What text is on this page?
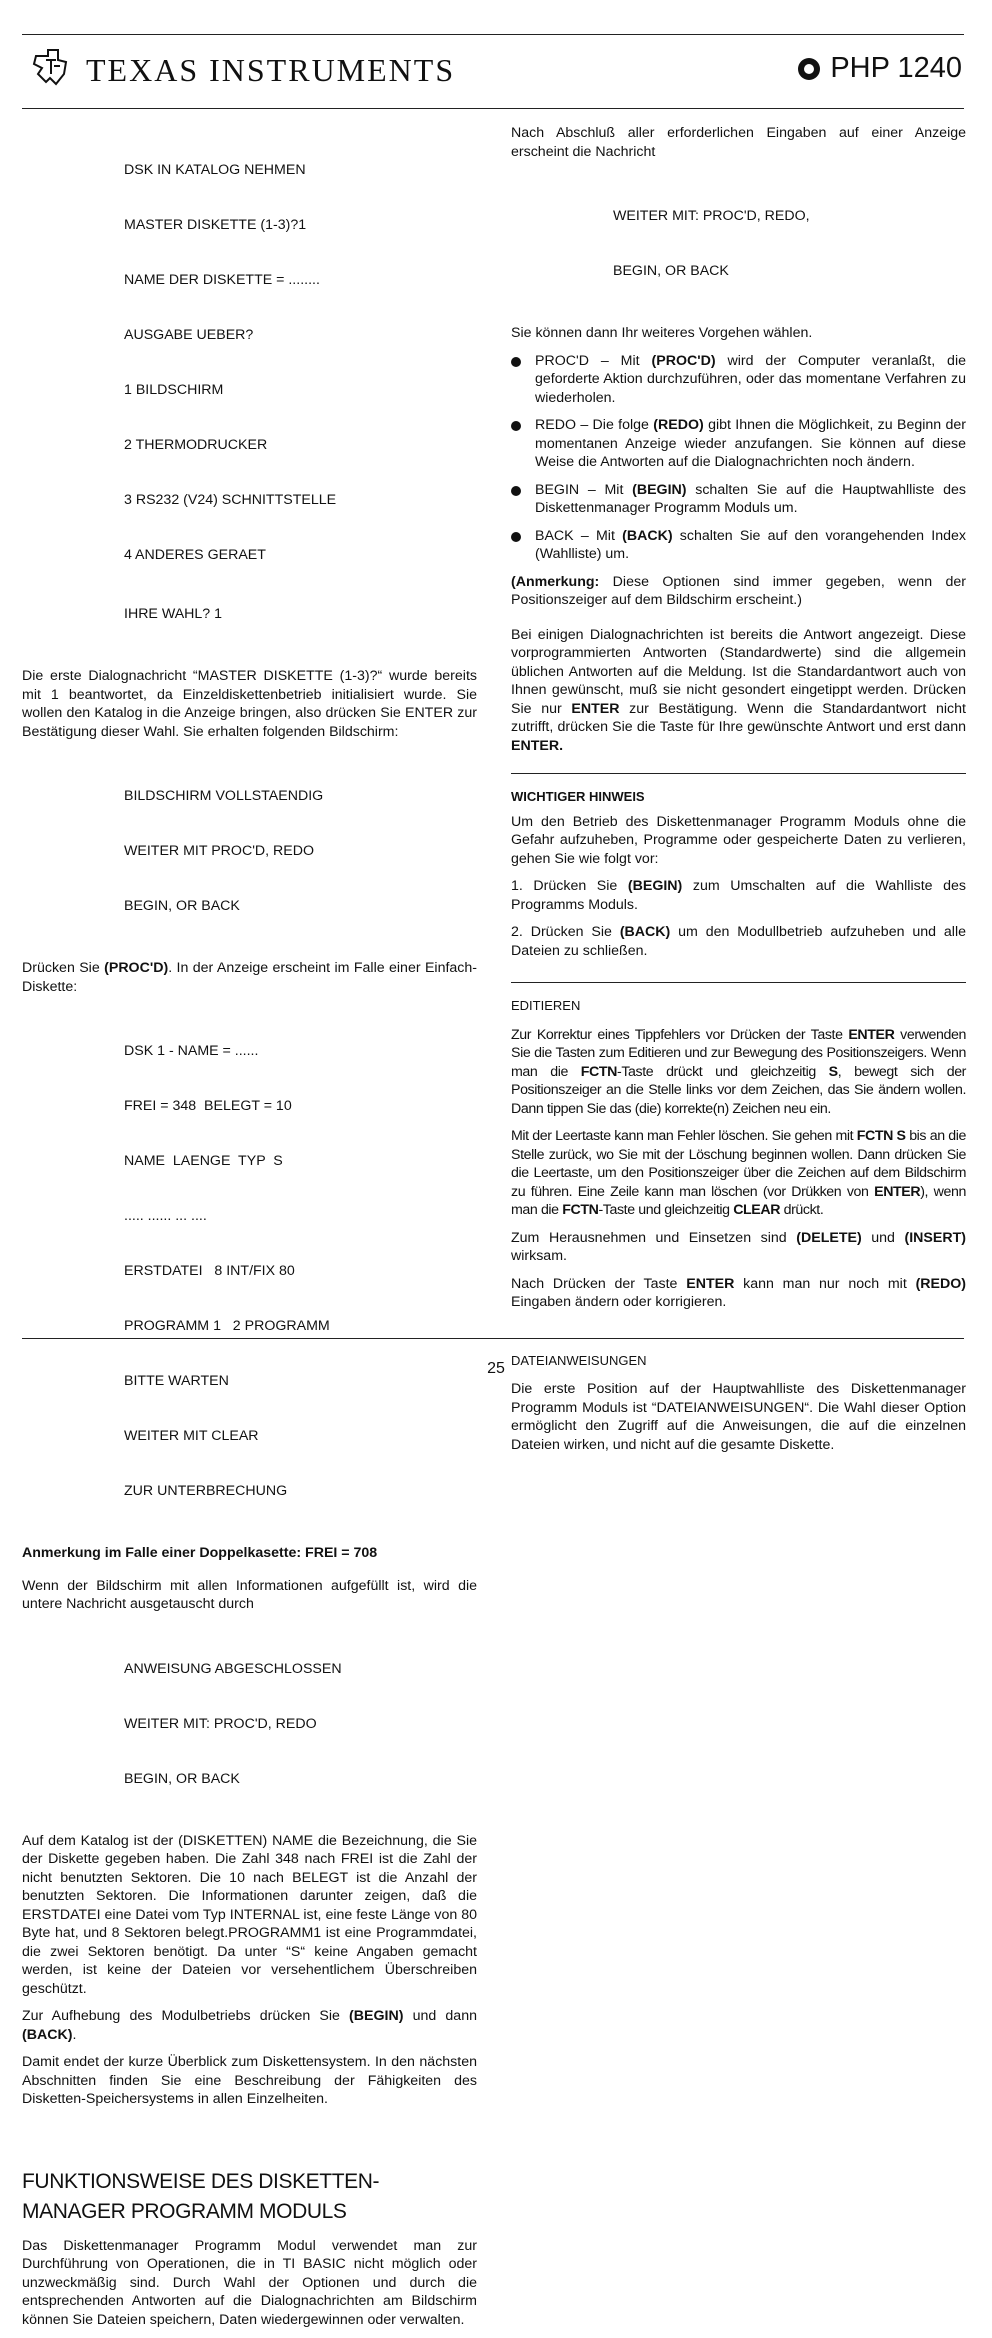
TEXAS INSTRUMENTS	PHP 1240

DSK IN KATALOG NEHMEN

MASTER DISKETTE (1-3)?1

NAME DER DISKETTE = ........

AUSGABE UEBER?

1 BILDSCHIRM

2 THERMODRUCKER

3 RS232 (V24) SCHNITTSTELLE

4 ANDERES GERAET

IHRE WAHL? 1

Die erste Dialognachricht “MASTER DISKETTE (1-3)?“ wurde bereits mit 1 beantwortet, da Einzeldiskettenbetrieb initialisiert wurde. Sie wollen den Katalog in die Anzeige bringen, also drücken Sie ENTER zur Bestätigung dieser Wahl. Sie erhalten folgenden Bildschirm:

BILDSCHIRM VOLLSTAENDIG

WEITER MIT PROC'D, REDO

BEGIN, OR BACK

Drücken Sie (PROC'D). In der Anzeige erscheint im Falle einer Einfach-Diskette:

DSK 1 - NAME = ......

FREI = 348  BELEGT = 10

NAME  LAENGE  TYP  S

..... ...... ... ....

ERSTDATEI   8 INT/FIX 80

PROGRAMM 1   2 PROGRAMM

BITTE WARTEN

WEITER MIT CLEAR

ZUR UNTERBRECHUNG

Anmerkung im Falle einer Doppelkasette: FREI = 708

Wenn der Bildschirm mit allen Informationen aufgefüllt ist, wird die untere Nachricht ausgetauscht durch

ANWEISUNG ABGESCHLOSSEN

WEITER MIT: PROC'D, REDO

BEGIN, OR BACK

Auf dem Katalog ist der (DISKETTEN) NAME die Bezeichnung, die Sie der Diskette gegeben haben. Die Zahl 348 nach FREI ist die Zahl der nicht benutzten Sektoren. Die 10 nach BELEGT ist die Anzahl der benutzten Sektoren. Die Informationen darunter zeigen, daß die ERSTDATEI eine Datei vom Typ INTERNAL ist, eine feste Länge von 80 Byte hat, und 8 Sektoren belegt.PROGRAMM1 ist eine Programmdatei, die zwei Sektoren benötigt. Da unter “S“ keine Angaben gemacht werden, ist keine der Dateien vor versehentlichem Überschreiben geschützt.

Zur Aufhebung des Modulbetriebs drücken Sie (BEGIN) und dann (BACK).

Damit endet der kurze Überblick zum Diskettensystem. In den nächsten Abschnitten finden Sie eine Beschreibung der Fähigkeiten des Disketten-Speichersystems in allen Einzelheiten.

FUNKTIONSWEISE DES DISKETTEN-MANAGER PROGRAMM MODULS

Das Diskettenmanager Programm Modul verwendet man zur Durchführung von Operationen, die in TI BASIC nicht möglich oder unzweckmäßig sind. Durch Wahl der Optionen und durch die entsprechenden Antworten auf die Dialognachrichten am Bildschirm können Sie Dateien speichern, Daten wiedergewinnen oder verwalten.

Nach Abschluß aller erforderlichen Eingaben auf einer Anzeige erscheint die Nachricht

WEITER MIT: PROC'D, REDO,

BEGIN, OR BACK

Sie können dann Ihr weiteres Vorgehen wählen.

PROC'D – Mit (PROC'D) wird der Computer veranlaßt, die geforderte Aktion durchzuführen, oder das momentane Verfahren zu wiederholen.
REDO – Die folge (REDO) gibt Ihnen die Möglichkeit, zu Beginn der momentanen Anzeige wieder anzufangen. Sie können auf diese Weise die Antworten auf die Dialognachrichten noch ändern.
BEGIN – Mit (BEGIN) schalten Sie auf die Hauptwahlliste des Diskettenmanager Programm Moduls um.
BACK – Mit (BACK) schalten Sie auf den vorangehenden Index (Wahlliste) um.

(Anmerkung: Diese Optionen sind immer gegeben, wenn der Positionszeiger auf dem Bildschirm erscheint.)

Bei einigen Dialognachrichten ist bereits die Antwort angezeigt. Diese vorprogrammierten Antworten (Standardwerte) sind die allgemein üblichen Antworten auf die Meldung. Ist die Standardantwort auch von Ihnen gewünscht, muß sie nicht gesondert eingetippt werden. Drücken Sie nur ENTER zur Bestätigung. Wenn die Standardantwort nicht zutrifft, drücken Sie die Taste für Ihre gewünschte Antwort und erst dann ENTER.

WICHTIGER HINWEIS

Um den Betrieb des Diskettenmanager Programm Moduls ohne die Gefahr aufzuheben, Programme oder gespeicherte Daten zu verlieren, gehen Sie wie folgt vor:

1. Drücken Sie (BEGIN) zum Umschalten auf die Wahlliste des Programms Moduls.

2. Drücken Sie (BACK) um den Modullbetrieb aufzuheben und alle Dateien zu schließen.

EDITIEREN

Zur Korrektur eines Tippfehlers vor Drücken der Taste ENTER verwenden Sie die Tasten zum Editieren und zur Bewegung des Positionszeigers. Wenn man die FCTN-Taste drückt und gleichzeitig S, bewegt sich der Positionszeiger an die Stelle links vor dem Zeichen, das Sie ändern wollen. Dann tippen Sie das (die) korrekte(n) Zeichen neu ein.

Mit der Leertaste kann man Fehler löschen. Sie gehen mit FCTN S bis an die Stelle zurück, wo Sie mit der Löschung beginnen wollen. Dann drücken Sie die Leertaste, um den Positionszeiger über die Zeichen auf dem Bildschirm zu führen. Eine Zeile kann man löschen (vor Drükken von ENTER), wenn man die FCTN-Taste und gleichzeitig CLEAR drückt.

Zum Herausnehmen und Einsetzen sind (DELETE) und (INSERT) wirksam.

Nach Drücken der Taste ENTER kann man nur noch mit (REDO) Eingaben ändern oder korrigieren.

DATEIANWEISUNGEN

Die erste Position auf der Hauptwahlliste des Diskettenmanager Programm Moduls ist “DATEIANWEISUNGEN“. Die Wahl dieser Option ermöglicht den Zugriff auf die Anweisungen, die auf die einzelnen Dateien wirken, und nicht auf die gesamte Diskette.

25
